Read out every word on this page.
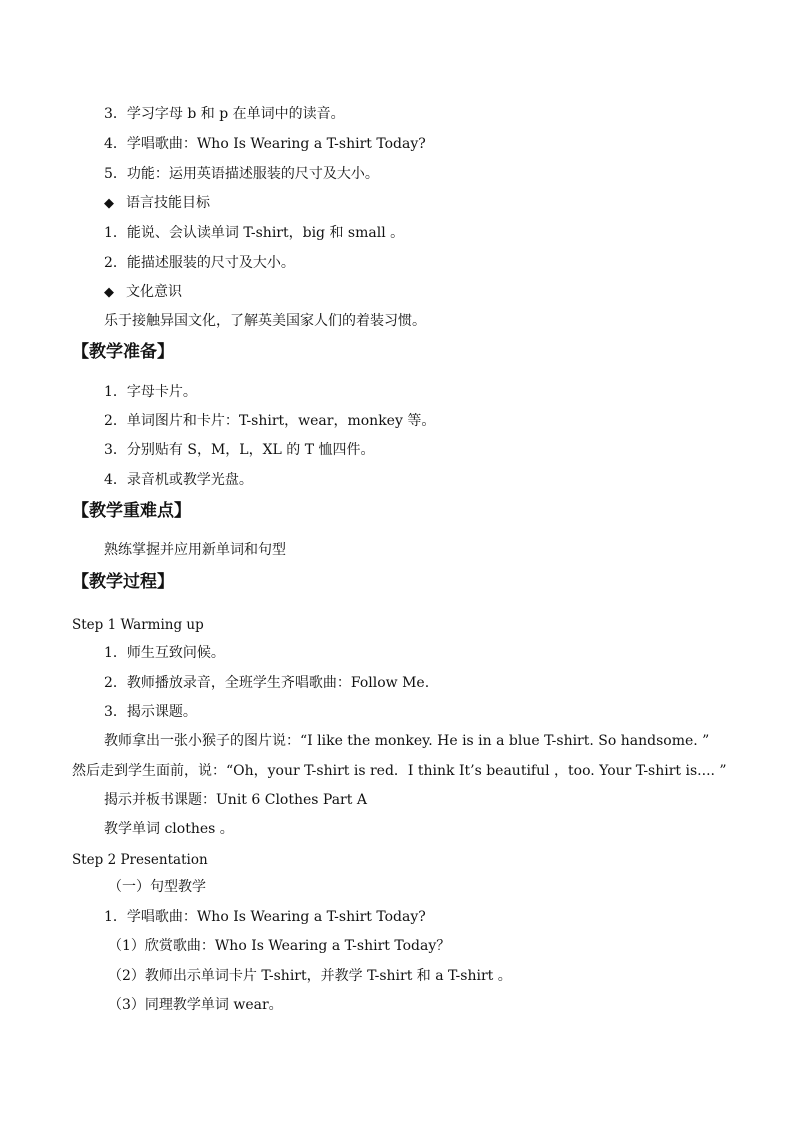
3．学习字母 b 和 p 在单词中的读音。
4．学唱歌曲：Who Is Wearing a T-shirt Today?
5．功能：运用英语描述服装的尺寸及大小。
◆ 语言技能目标
1．能说、会认读单词 T-shirt，big 和 small 。
2．能描述服装的尺寸及大小。
◆ 文化意识
乐于接触异国文化，了解英美国家人们的着装习惯。
【教学准备】
1．字母卡片。
2．单词图片和卡片：T-shirt，wear，monkey 等。
3．分别贴有 S，M，L，XL 的 T 恤四件。
4．录音机或教学光盘。
【教学重难点】
熟练掌握并应用新单词和句型
【教学过程】
Step 1 Warming up
1．师生互致问候。
2．教师播放录音，全班学生齐唱歌曲：Follow Me.
3．揭示课题。
教师拿出一张小猴子的图片说：“I like the monkey. He is in a blue T-shirt. So handsome. ”
然后走到学生面前，说：“Oh，your T-shirt is red．I think It’s beautiful ，too. Your T-shirt is.... ”
揭示并板书课题：Unit 6 Clothes Part A
教学单词 clothes 。
Step 2 Presentation
（一）句型教学
1．学唱歌曲：Who Is Wearing a T-shirt Today?
（1）欣赏歌曲：Who Is Wearing a T-shirt Today？
（2）教师出示单词卡片 T-shirt，并教学 T-shirt 和 a T-shirt 。
（3）同理教学单词 wear。
